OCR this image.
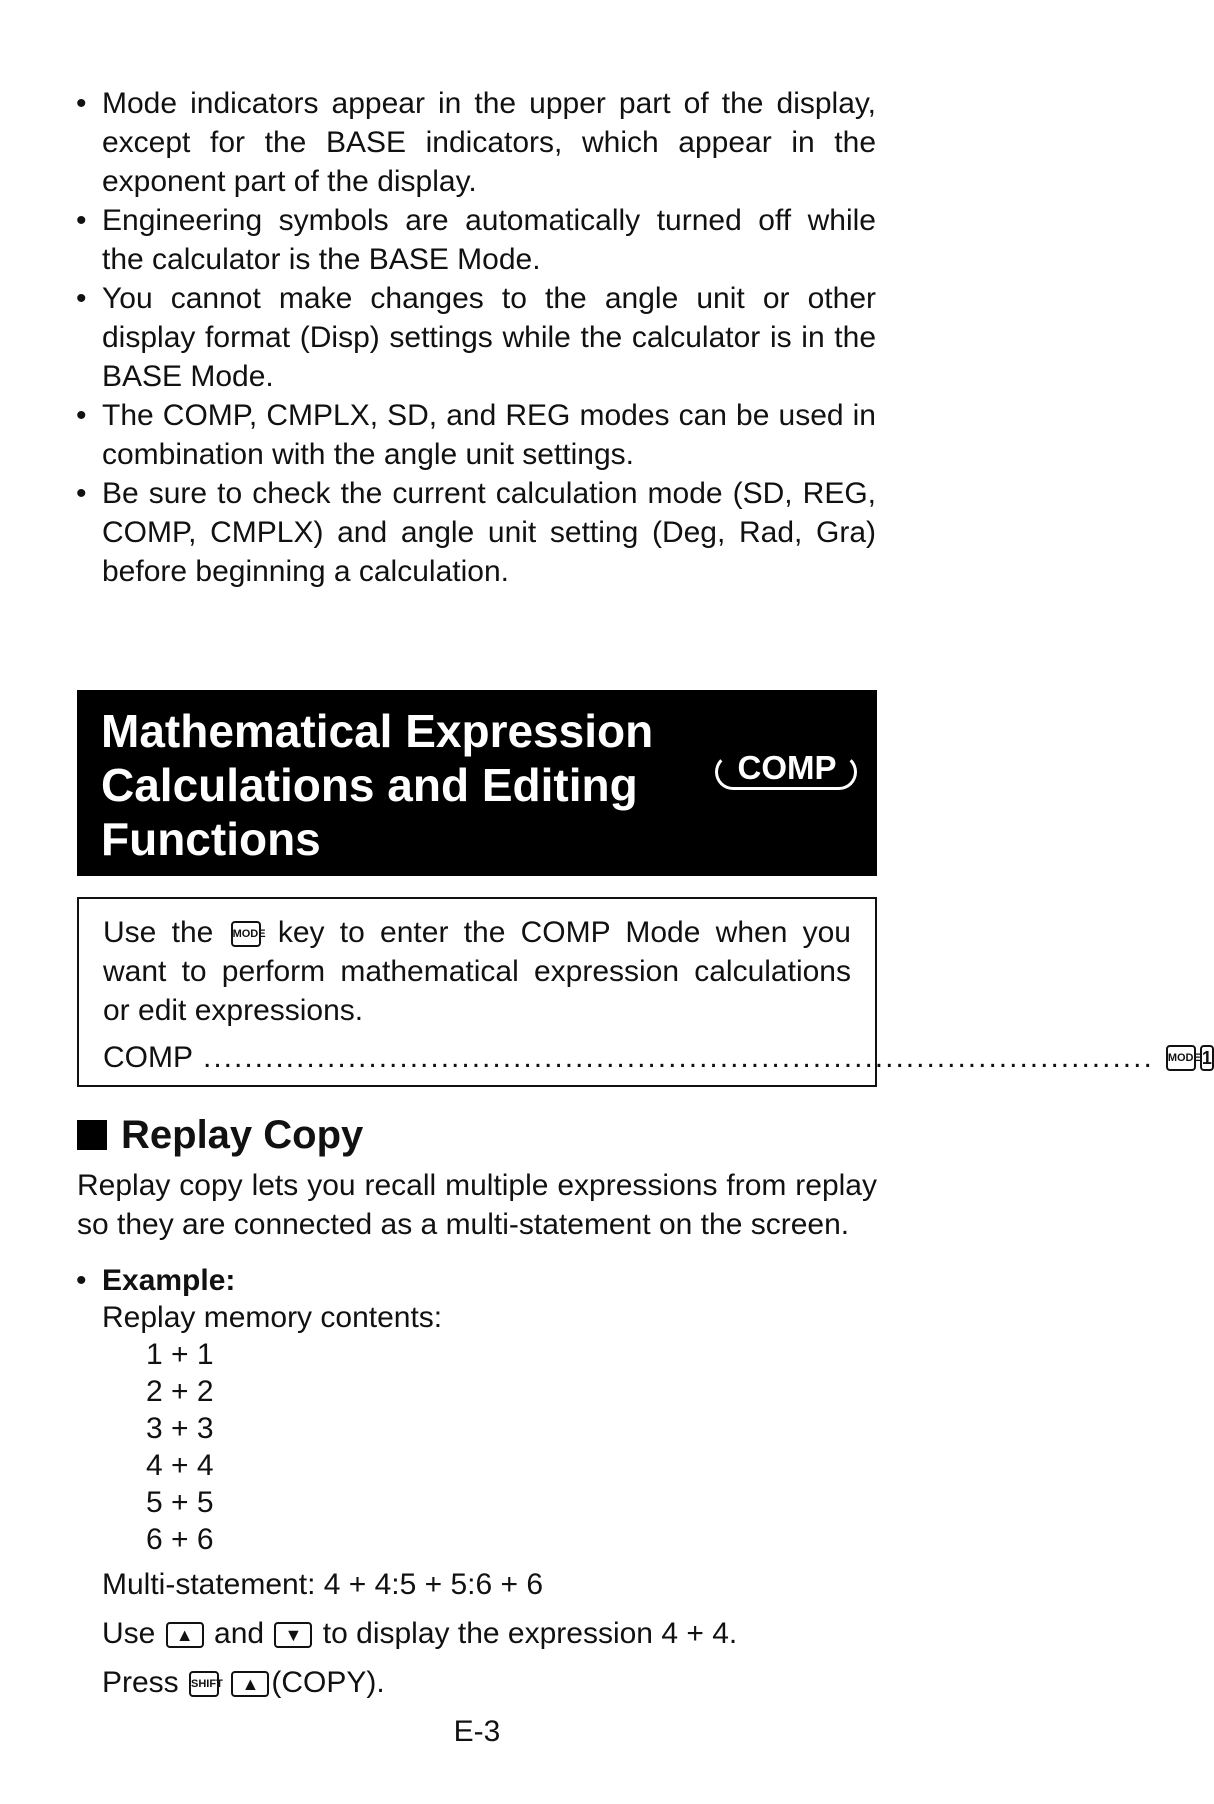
• Mode indicators appear in the upper part of the display, except for the BASE indicators, which appear in the exponent part of the display.
• Engineering symbols are automatically turned off while the calculator is the BASE Mode.
• You cannot make changes to the angle unit or other display format (Disp) settings while the calculator is in the BASE Mode.
• The COMP, CMPLX, SD, and REG modes can be used in combination with the angle unit settings.
• Be sure to check the current calculation mode (SD, REG, COMP, CMPLX) and angle unit setting (Deg, Rad, Gra) before beginning a calculation.
Mathematical Expression
Calculations and Editing
Functions
COMP

Use the MODE key to enter the COMP Mode when you want to perform mathematical expression calculations or edit expressions.

COMP ............................................................................................ MODE 1
Replay Copy

Replay copy lets you recall multiple expressions from replay so they are connected as a multi-statement on the screen.

• Example:
Replay memory contents:
1 + 1
2 + 2
3 + 3
4 + 4
5 + 5
6 + 6
Multi-statement: 4 + 4:5 + 5:6 + 6
Use ▲ and ▼ to display the expression 4 + 4.
Press SHIFT ▲ (COPY).
E-3
